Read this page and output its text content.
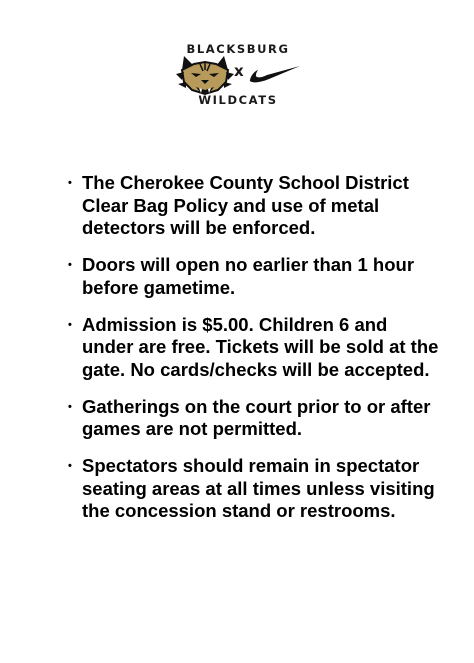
BLACKSBURG
x
WILDCATS
• The Cherokee County School District Clear Bag Policy and use of metal detectors will be enforced.
• Doors will open no earlier than 1 hour before gametime.
• Admission is $5.00. Children 6 and under are free. Tickets will be sold at the gate. No cards/checks will be accepted.
• Gatherings on the court prior to or after games are not permitted.
• Spectators should remain in spectator seating areas at all times unless visiting the concession stand or restrooms.
